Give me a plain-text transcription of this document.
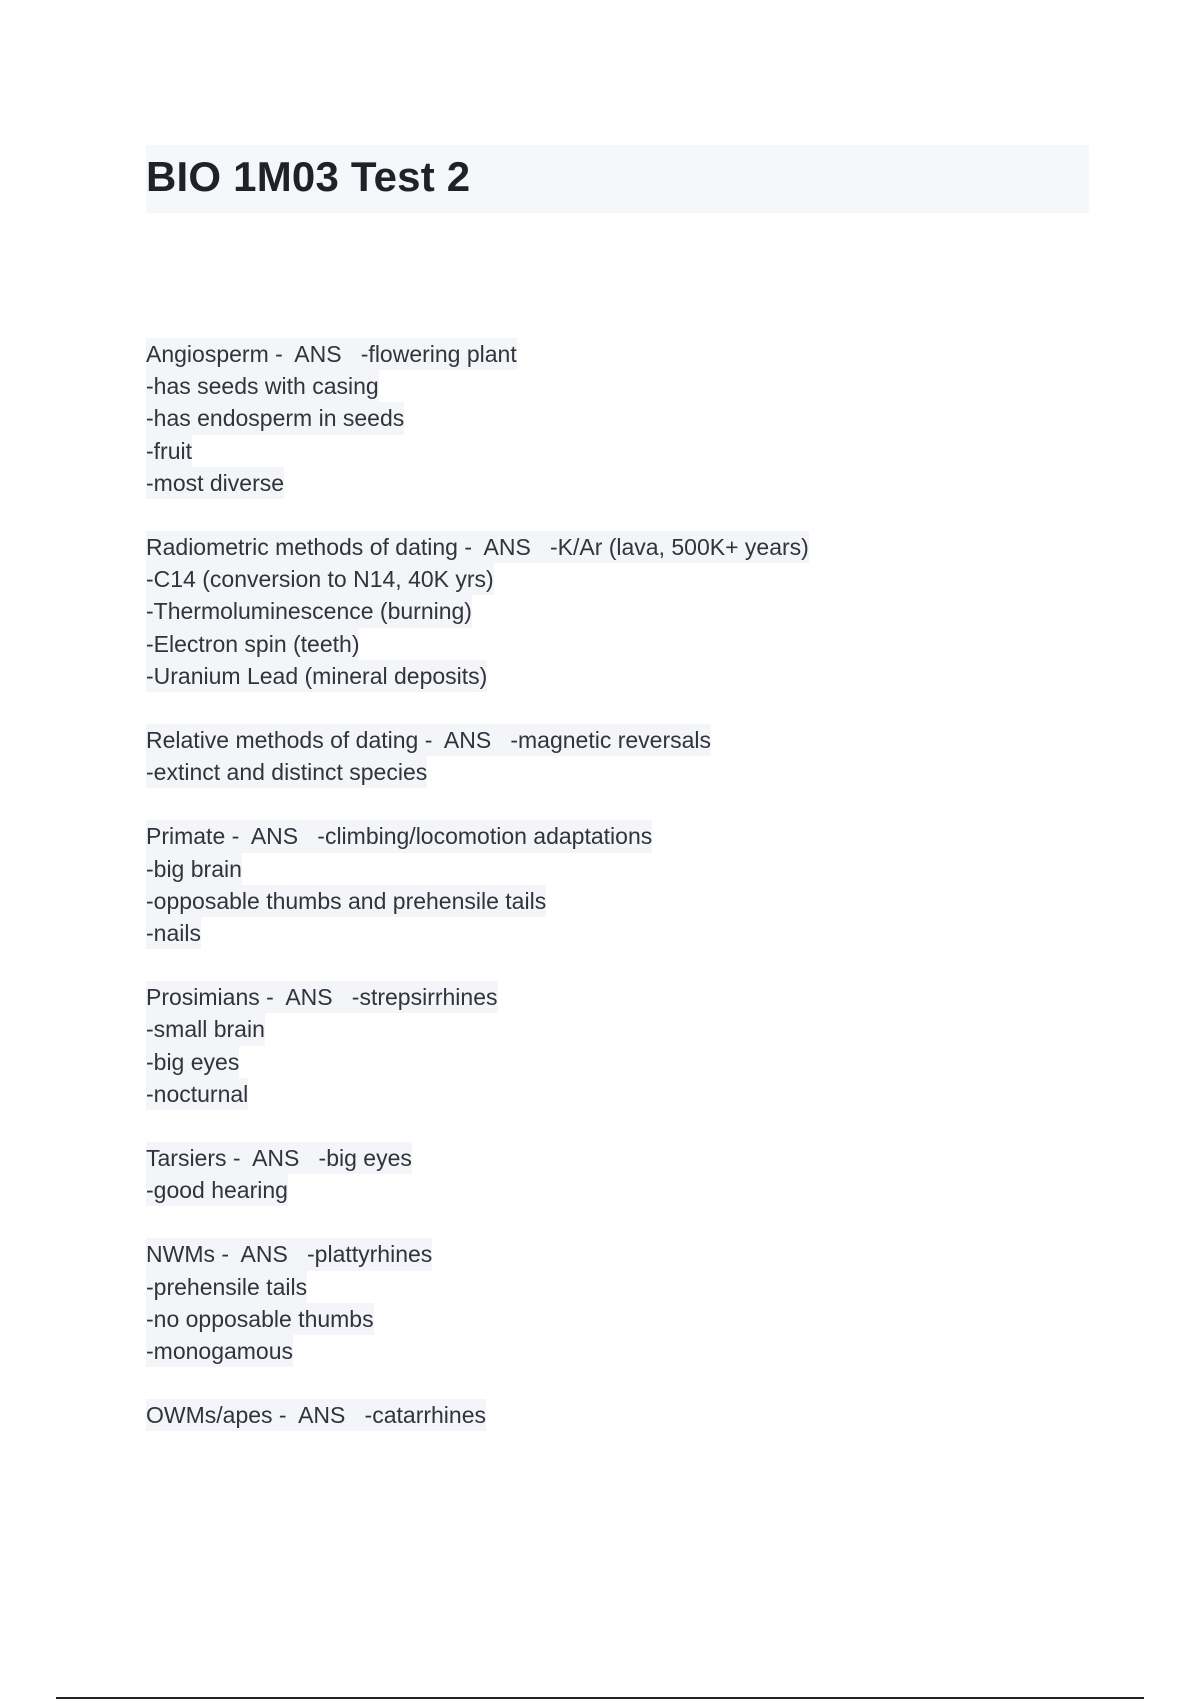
BIO 1M03 Test 2
Angiosperm -  ANS   -flowering plant
-has seeds with casing
-has endosperm in seeds
-fruit
-most diverse
Radiometric methods of dating -  ANS   -K/Ar (lava, 500K+ years)
-C14 (conversion to N14, 40K yrs)
-Thermoluminescence (burning)
-Electron spin (teeth)
-Uranium Lead (mineral deposits)
Relative methods of dating -  ANS   -magnetic reversals
-extinct and distinct species
Primate -  ANS   -climbing/locomotion adaptations
-big brain
-opposable thumbs and prehensile tails
-nails
Prosimians -  ANS   -strepsirrhines
-small brain
-big eyes
-nocturnal
Tarsiers -  ANS   -big eyes
-good hearing
NWMs -  ANS   -plattyrhines
-prehensile tails
-no opposable thumbs
-monogamous
OWMs/apes -  ANS   -catarrhines
